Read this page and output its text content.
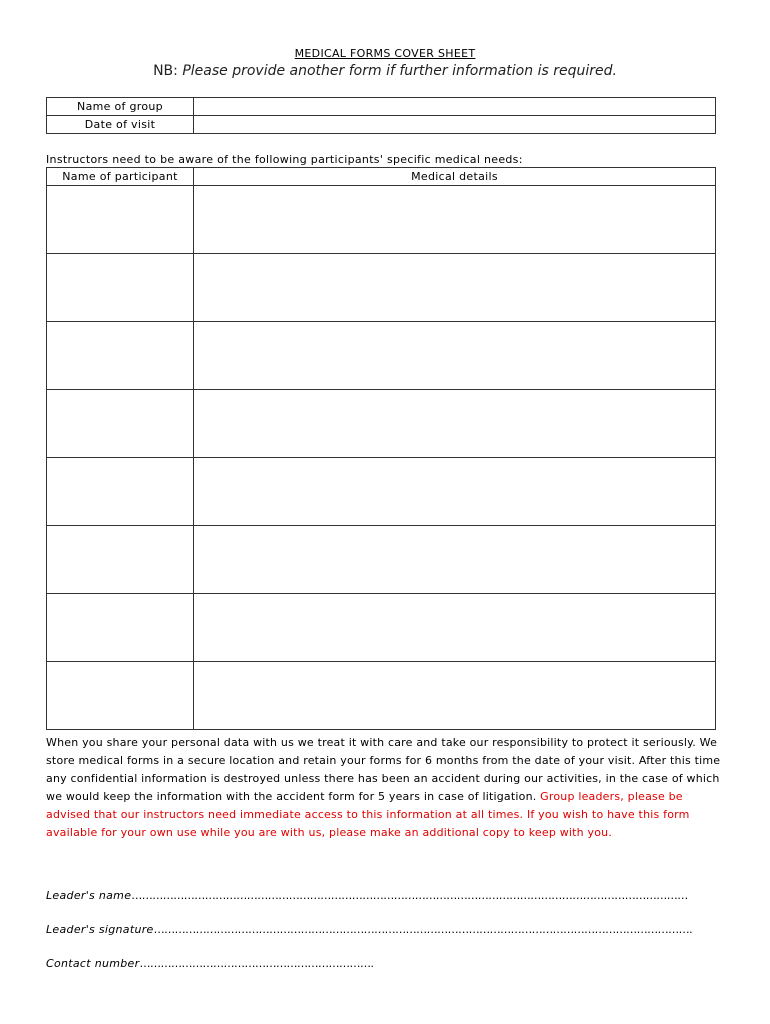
MEDICAL FORMS COVER SHEET
NB: Please provide another form if further information is required.
Name of group	
Date of visit	
Instructors need to be aware of the following participants' specific medical needs:
Name of participant	Medical details

When you share your personal data with us we treat it with care and take our responsibility to protect it seriously. We store medical forms in a secure location and retain your forms for 6 months from the date of your visit. After this time any confidential information is destroyed unless there has been an accident during our activities, in the case of which we would keep the information with the accident form for 5 years in case of litigation. Group leaders, please be advised that our instructors need immediate access to this information at all times. If you wish to have this form available for your own use while you are with us, please make an additional copy to keep with you.
Leader's name……………………………………………………………………………………………………………………………………………
Leader's signature……………………………………………………………………………………………………………………………………….
Contact number………………………………………………………….
